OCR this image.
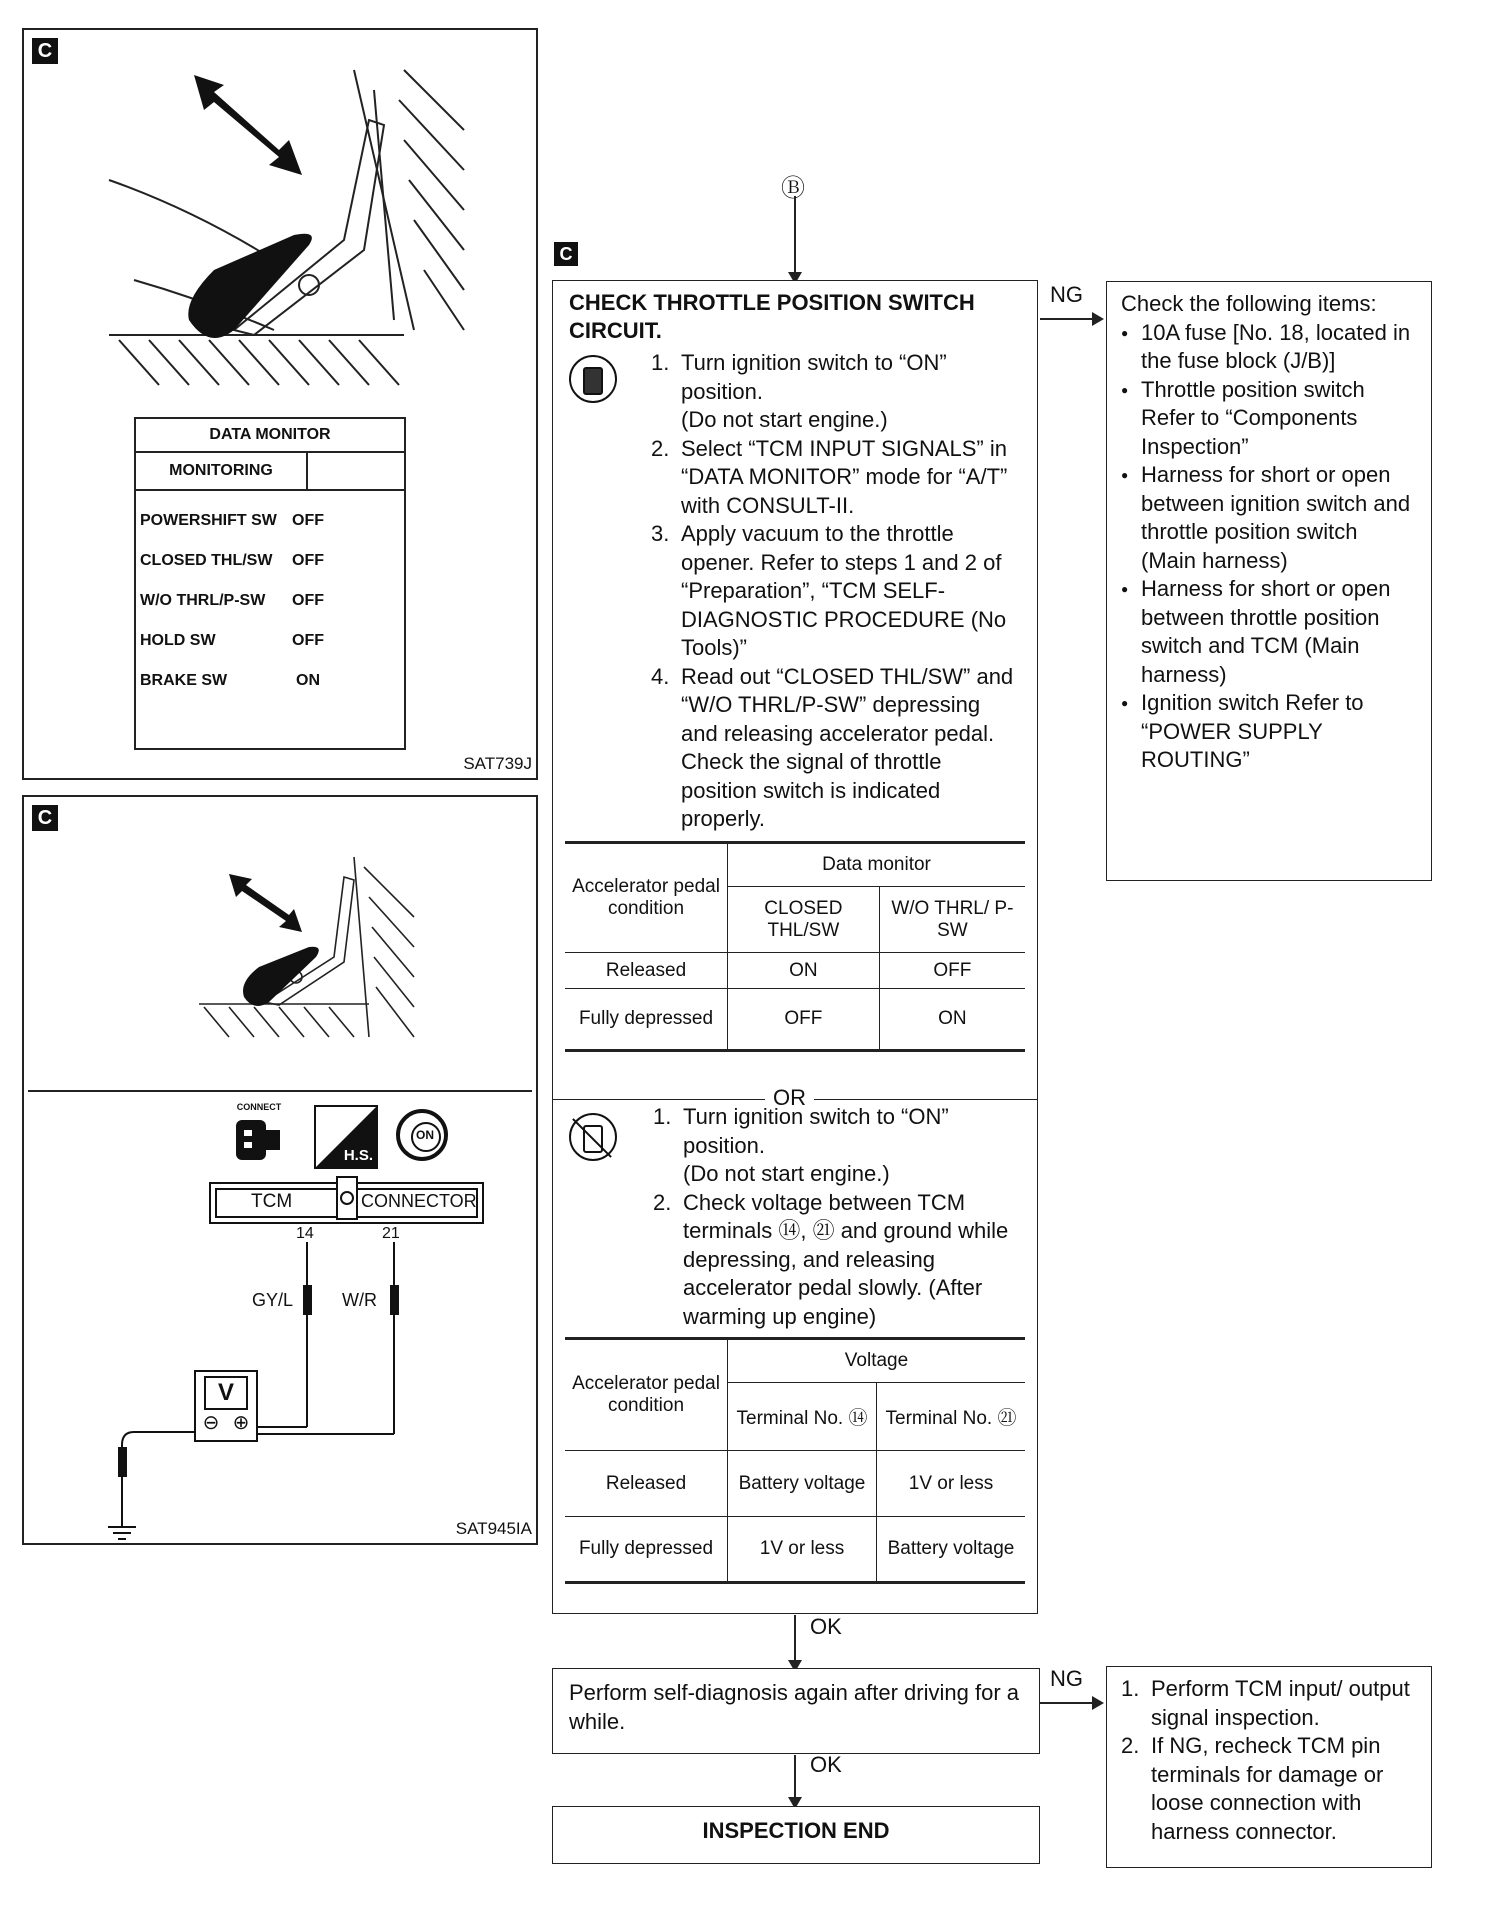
C
DATA MONITOR
MONITORING
POWERSHIFT SW	OFF	
CLOSED THL/SW	OFF	
W/O THRL/P-SW	OFF	
HOLD SW	OFF	
BRAKE SW	ON	
SAT739J
C
CONNECT
H.S.
ON
TCM	CONNECTOR
14	21
GY/L	W/R
V
⊖ ⊕
SAT945IA
Ⓑ
C
CHECK THROTTLE POSITION SWITCH CIRCUIT.
1. Turn ignition switch to “ON” position.
(Do not start engine.)
2. Select “TCM INPUT SIGNALS” in “DATA MONITOR” mode for “A/T” with CONSULT-II.
3. Apply vacuum to the throttle opener. Refer to steps 1 and 2 of “Preparation”, “TCM SELF-DIAGNOSTIC PROCEDURE (No Tools)”
4. Read out “CLOSED THL/SW” and “W/O THRL/P-SW” depressing and releasing accelerator pedal.
Check the signal of throttle position switch is indicated properly.
Accelerator pedal condition	Data monitor	
	CLOSED THL/SW	W/O THRL/ P-SW
Released	ON	OFF
Fully depressed	OFF	ON
OR
1. Turn ignition switch to “ON” position.
(Do not start engine.)
2. Check voltage between TCM terminals ⑭, ㉑ and ground while depressing, and releasing accelerator pedal slowly. (After warming up engine)
Accelerator pedal condition	Voltage	
	Terminal No. ⑭	Terminal No. ㉑
Released	Battery voltage	1V or less
Fully depressed	1V or less	Battery voltage
NG Check the following items:
● 10A fuse [No. 18, located in the fuse block (J/B)]
● Throttle position switch Refer to “Components Inspection”
● Harness for short or open between ignition switch and throttle position switch (Main harness)
● Harness for short or open between throttle position switch and TCM (Main harness)
● Ignition switch Refer to “POWER SUPPLY ROUTING”
OK
Perform self-diagnosis again after driving for a while.
NG 1. Perform TCM input/ output signal inspection.
2. If NG, recheck TCM pin terminals for damage or loose connection with harness connector.
OK
INSPECTION END
